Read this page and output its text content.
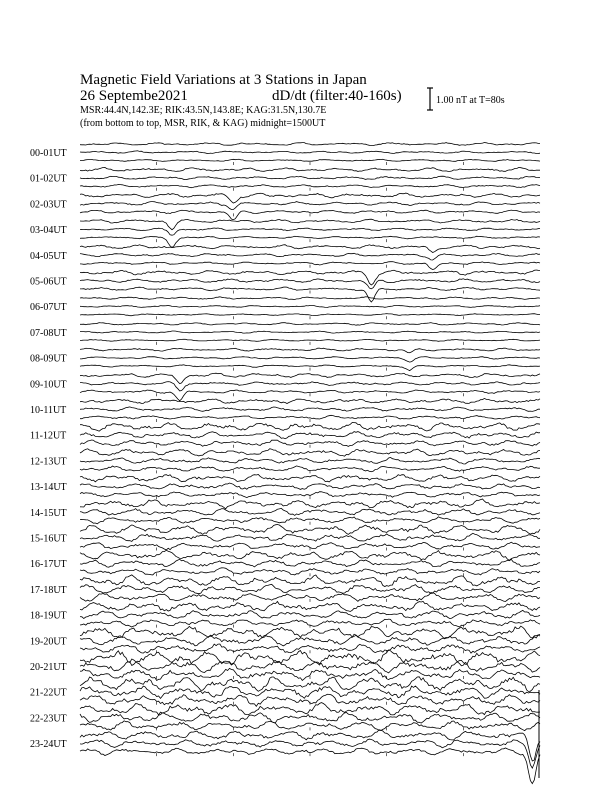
Magnetic Field Variations at 3 Stations in Japan
26 Septembe2021	dD/dt (filter:40-160s)
MSR:44.4N,142.3E; RIK:43.5N,143.8E; KAG:31.5N,130.7E
(from bottom to top, MSR, RIK, & KAG) midnight=1500UT
1.00 nT at T=80s
00-01UT
01-02UT
02-03UT
03-04UT
04-05UT
05-06UT
06-07UT
07-08UT
08-09UT
09-10UT
10-11UT
11-12UT
12-13UT
13-14UT
14-15UT
15-16UT
16-17UT
17-18UT
18-19UT
19-20UT
20-21UT
21-22UT
22-23UT
23-24UT
